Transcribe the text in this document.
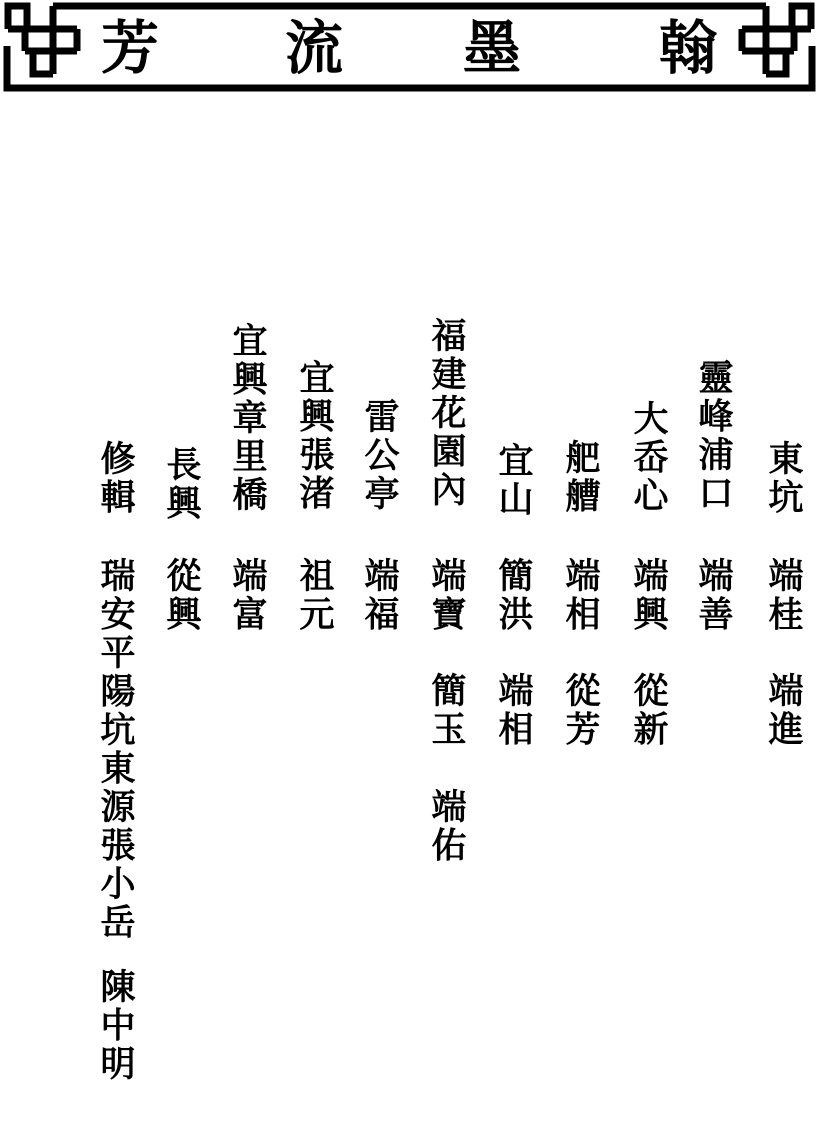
芳 流 墨 翰
東坑
端桂
端進
靈峰浦口
端善
大岙心
端興
從新
舥艚
端相
從芳
宜山
簡洪
端相
福建花園內
端寶
簡玉
端佑
雷公亭
端福
宜興張渚
祖元
宜興章里橋
端富
長興
從興
修輯
瑞安平陽坑東源張小岳
陳中明
